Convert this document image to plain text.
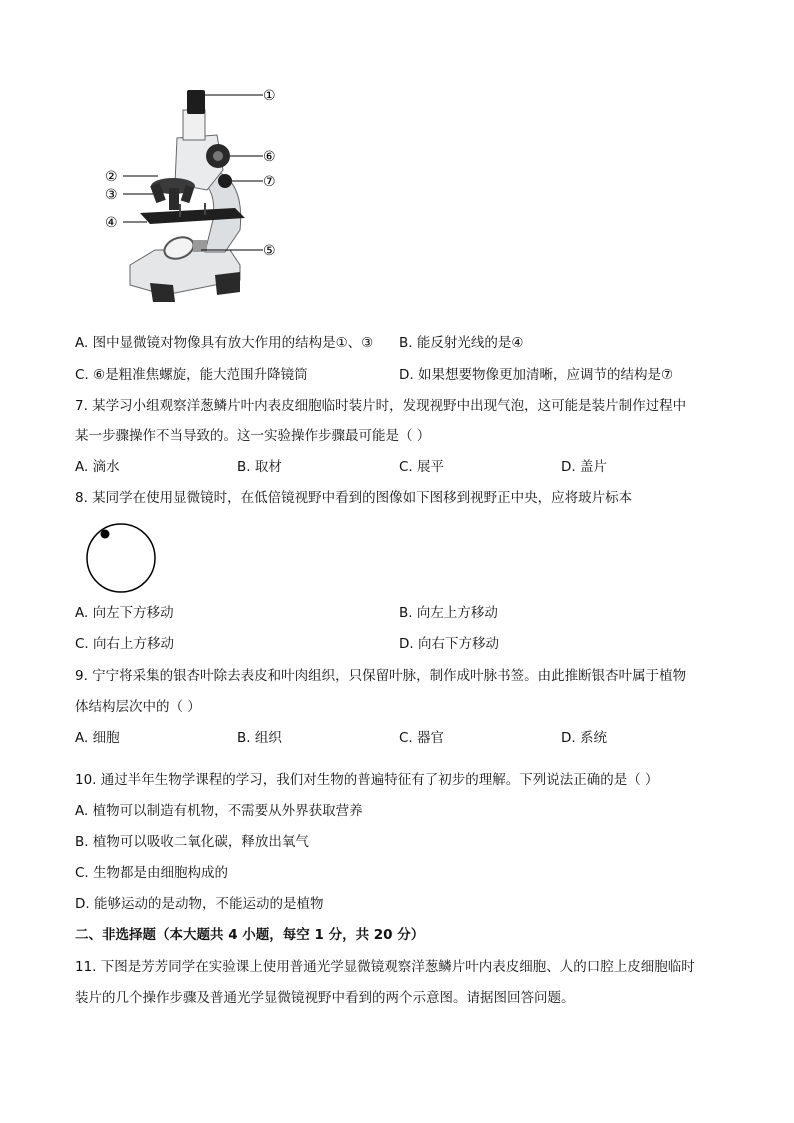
①
⑥
②	⑦
③
④
⑤
A. 图中显微镜对物像具有放大作用的结构是①、③ B. 能反射光线的是④
C. ⑥是粗准焦螺旋，能大范围升降镜筒	D. 如果想要物像更加清晰，应调节的结构是⑦
7. 某学习小组观察洋葱鳞片叶内表皮细胞临时装片时，发现视野中出现气泡，这可能是装片制作过程中
某一步骤操作不当导致的。这一实验操作步骤最可能是（ ）
A. 滴水	B. 取材	C. 展平	D. 盖片
8. 某同学在使用显微镜时，在低倍镜视野中看到的图像如下图移到视野正中央，应将玻片标本
A. 向左下方移动	B. 向左上方移动
C. 向右上方移动	D. 向右下方移动
9. 宁宁将采集的银杏叶除去表皮和叶肉组织，只保留叶脉，制作成叶脉书签。由此推断银杏叶属于植物
体结构层次中的（ ）
A. 细胞	B. 组织	C. 器官	D. 系统
10. 通过半年生物学课程的学习，我们对生物的普遍特征有了初步的理解。下列说法正确的是（ ）
A. 植物可以制造有机物，不需要从外界获取营养
B. 植物可以吸收二氧化碳，释放出氧气
C. 生物都是由细胞构成的
D. 能够运动的是动物，不能运动的是植物
二、非选择题（本大题共 4 小题，每空 1 分，共 20 分）
11. 下图是芳芳同学在实验课上使用普通光学显微镜观察洋葱鳞片叶内表皮细胞、人的口腔上皮细胞临时
装片的几个操作步骤及普通光学显微镜视野中看到的两个示意图。请据图回答问题。
